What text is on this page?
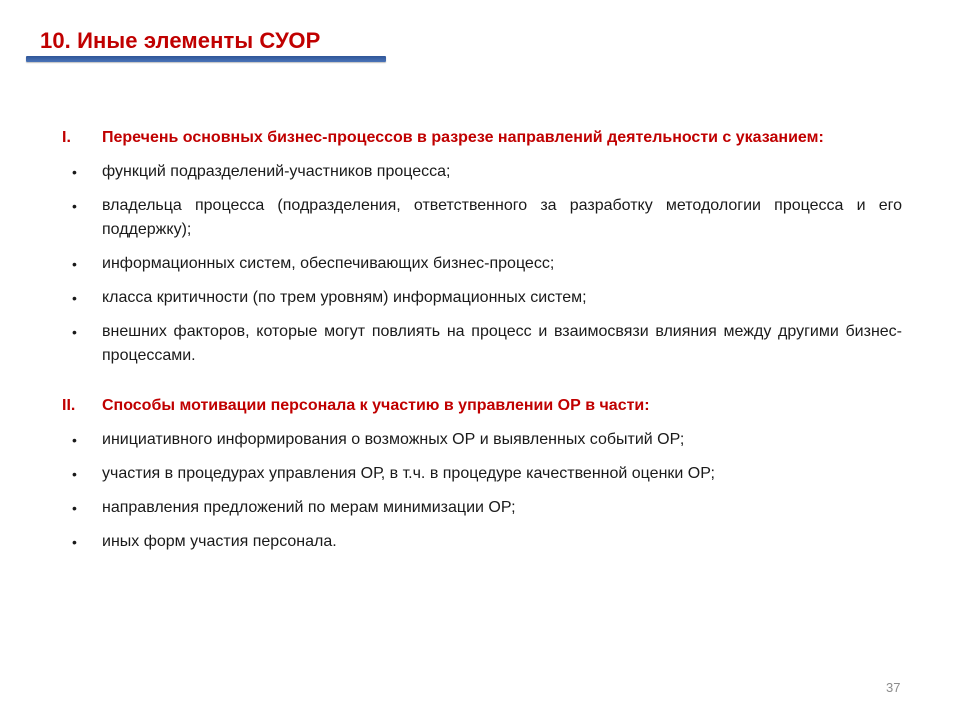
10. Иные элементы СУОР
I.	Перечень основных бизнес-процессов в разрезе направлений деятельности с указанием:
•	функций подразделений-участников процесса;
•	владельца процесса (подразделения, ответственного за разработку методологии процесса и его поддержку);
•	информационных систем, обеспечивающих бизнес-процесс;
•	класса критичности (по трем уровням) информационных систем;
•	внешних факторов, которые могут повлиять на процесс и взаимосвязи влияния между другими бизнес-процессами.
II.	Способы мотивации персонала к участию в управлении ОР в части:
•	инициативного информирования о возможных ОР и выявленных событий ОР;
•	участия в процедурах управления ОР, в т.ч. в процедуре качественной оценки ОР;
•	направления предложений по мерам минимизации ОР;
•	иных форм участия персонала.
37
